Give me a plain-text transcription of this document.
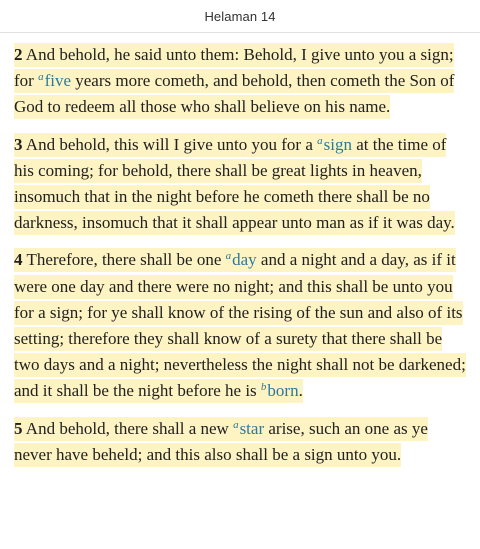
Helaman 14

2 And behold, he said unto them: Behold, I give unto you a sign; for $^a$five years more cometh, and behold, then cometh the Son of God to redeem all those who shall believe on his name.

3 And behold, this will I give unto you for a $^a$sign at the time of his coming; for behold, there shall be great lights in heaven, insomuch that in the night before he cometh there shall be no darkness, insomuch that it shall appear unto man as if it was day.

4 Therefore, there shall be one $^a$day and a night and a day, as if it were one day and there were no night; and this shall be unto you for a sign; for ye shall know of the rising of the sun and also of its setting; therefore they shall know of a surety that there shall be two days and a night; nevertheless the night shall not be darkened; and it shall be the night before he is $^b$born.

5 And behold, there shall a new $^a$star arise, such an one as ye never have beheld; and this also shall be a sign unto you.
